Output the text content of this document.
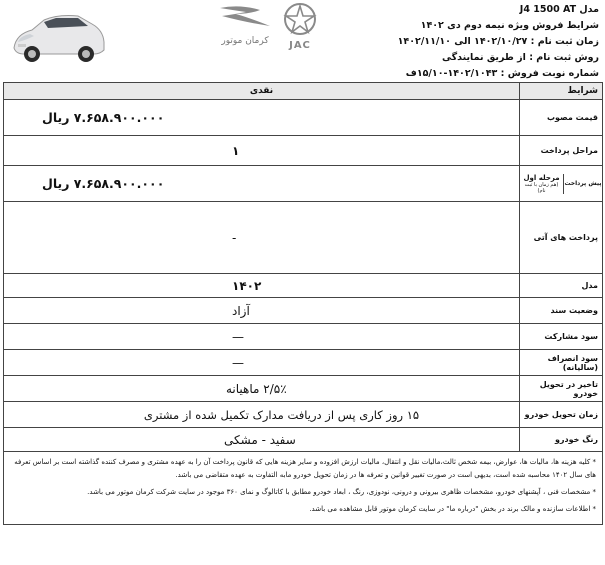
کرمان موتور	JAC
مدل J4 1500 AT
شرایط فروش ویژه نیمه دوم دی ۱۴۰۲
زمان ثبت نام : ۱۴۰۲/۱۰/۲۷ الی ۱۴۰۲/۱۱/۱۰
روش ثبت نام : از طریق نمایندگی
شماره نوبت فروش : ۱۴۰۲/۱۰۴۳-۱۵/۱۰ف
شرایط	نقدی
قیمت مصوب	۷.۶۵۸.۹۰۰.۰۰۰ ریال
مراحل پرداخت	۱

پیش پرداخت
مرحله اول
(هم زمان با ثبت نام)	۷.۶۵۸.۹۰۰.۰۰۰ ریال
پرداخت های آتی	-
مدل	۱۴۰۲
وضعیت سند	آزاد
سود مشارکت	—
سود انصراف (سالیانه)	—
تاخیر در تحویل خودرو	۲/۵٪ ماهیانه
زمان تحویل خودرو	۱۵ روز کاری پس از دریافت مدارک تکمیل شده از مشتری
رنگ خودرو	سفید - مشکی

* کلیه هزینه ها، مالیات ها، عوارض، بیمه شخص ثالث،مالیات نقل و انتقال، مالیات ارزش افزوده و سایر هزینه هایی که قانون پرداخت آن را به عهده مشتری و مصرف کننده گذاشته است بر اساس تعرفه های سال ۱۴۰۲ محاسبه شده است، بدیهی است در صورت تغییر قوانین و تعرفه ها در زمان تحویل خودرو مابه التفاوت به عهده متقاضی می باشد.

* مشخصات فنی ، آپشنهای خودرو، مشخصات ظاهری بیرونی و درونی، نودوزی، رنگ ، ابعاد خودرو مطابق با کاتالوگ و نمای ۳۶۰ موجود در سایت شرکت کرمان موتور می باشد.

* اطلاعات سازنده و مالک برند در بخش "درباره ما" در سایت کرمان موتور قابل مشاهده می باشد.	
